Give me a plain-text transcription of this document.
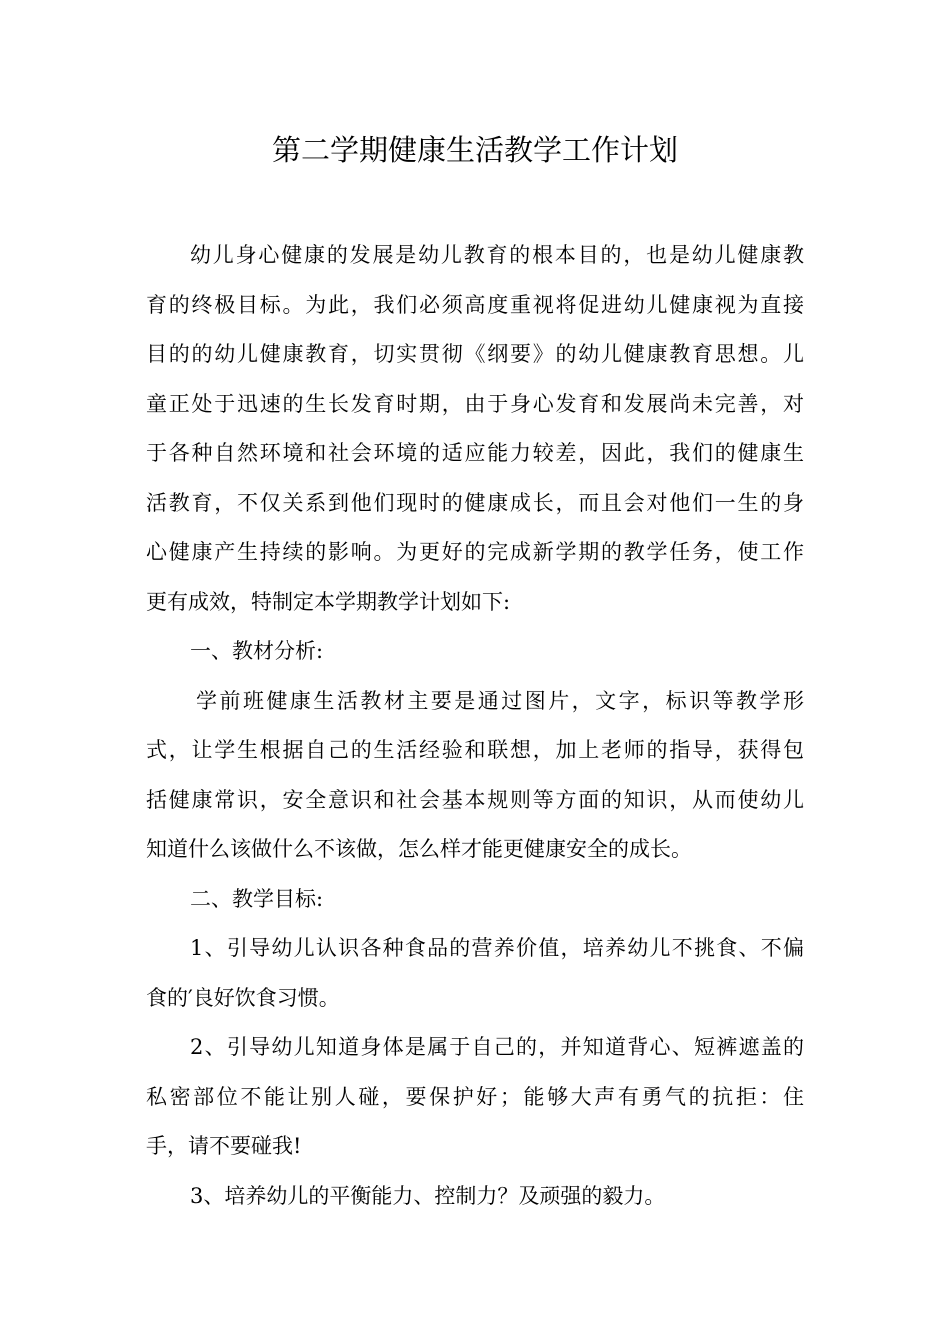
第二学期健康生活教学工作计划
幼儿身心健康的发展是幼儿教育的根本目的，也是幼儿健康教
育的终极目标。为此，我们必须高度重视将促进幼儿健康视为直接
目的的幼儿健康教育，切实贯彻《纲要》的幼儿健康教育思想。儿
童正处于迅速的生长发育时期，由于身心发育和发展尚未完善，对
于各种自然环境和社会环境的适应能力较差，因此，我们的健康生
活教育，不仅关系到他们现时的健康成长，而且会对他们一生的身
心健康产生持续的影响。为更好的完成新学期的教学任务，使工作
更有成效，特制定本学期教学计划如下:
一、教材分析:
学前班健康生活教材主要是通过图片，文字，标识等教学形
式，让学生根据自己的生活经验和联想，加上老师的指导，获得包
括健康常识，安全意识和社会基本规则等方面的知识，从而使幼儿
知道什么该做什么不该做，怎么样才能更健康安全的成长。
二、教学目标:
1、引导幼儿认识各种食品的营养价值，培养幼儿不挑食、不偏
食的′良好饮食习惯。
2、引导幼儿知道身体是属于自己的，并知道背心、短裤遮盖的
私密部位不能让别人碰，要保护好；能够大声有勇气的抗拒：住
手，请不要碰我!
3、培养幼儿的平衡能力、控制力？及顽强的毅力。
